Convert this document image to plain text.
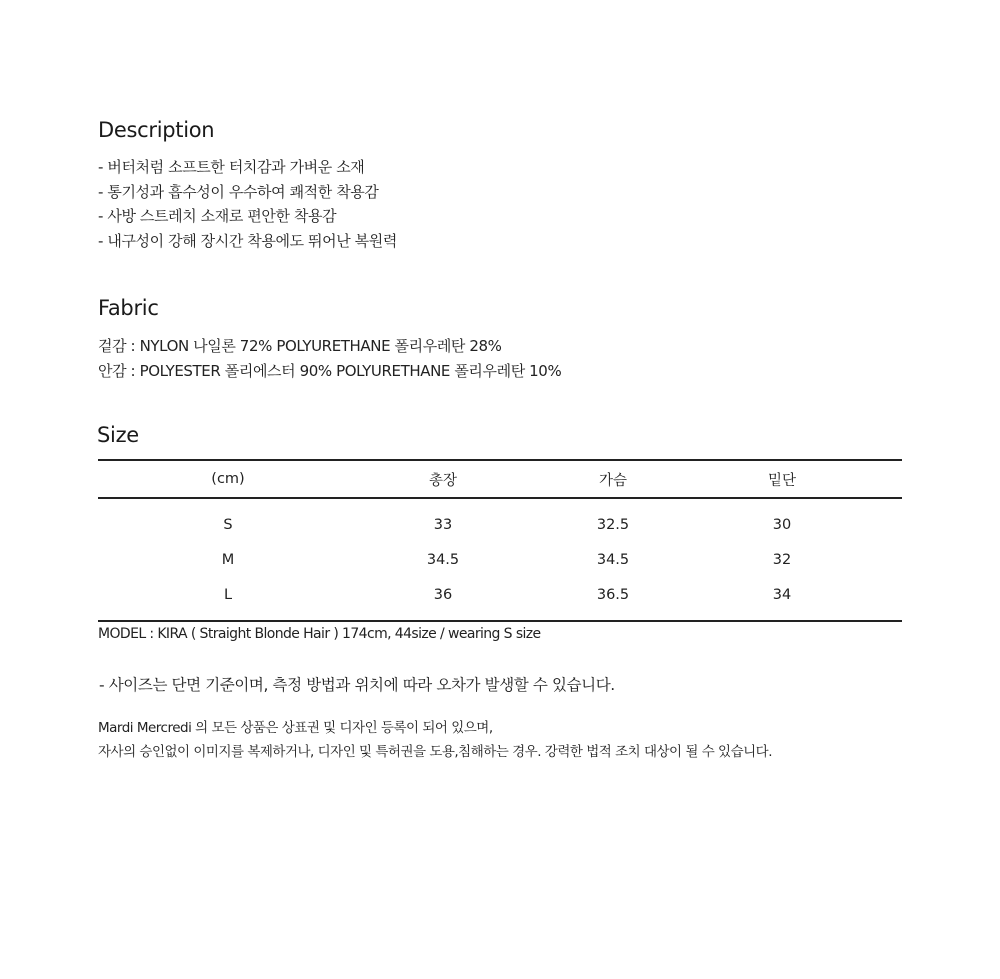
Description
- 버터처럼 소프트한 터치감과 가벼운 소재
- 통기성과 흡수성이 우수하여 쾌적한 착용감
- 사방 스트레치 소재로 편안한 착용감
- 내구성이 강해 장시간 착용에도 뛰어난 복원력
Fabric
겉감 : NYLON 나일론 72% POLYURETHANE 폴리우레탄 28%
안감 : POLYESTER 폴리에스터 90% POLYURETHANE 폴리우레탄 10%
Size
(cm)	총장	가슴	밑단	
S	33	32.5	30	
M	34.5	34.5	32	
L	36	36.5	34	
MODEL : KIRA ( Straight Blonde Hair ) 174cm, 44size / wearing S size
- 사이즈는 단면 기준이며, 측정 방법과 위치에 따라 오차가 발생할 수 있습니다.
Mardi Mercredi 의 모든 상품은 상표권 및 디자인 등록이 되어 있으며,
자사의 승인없이 이미지를 복제하거나, 디자인 및 특허권을 도용,침해하는 경우. 강력한 법적 조치 대상이 될 수 있습니다.
